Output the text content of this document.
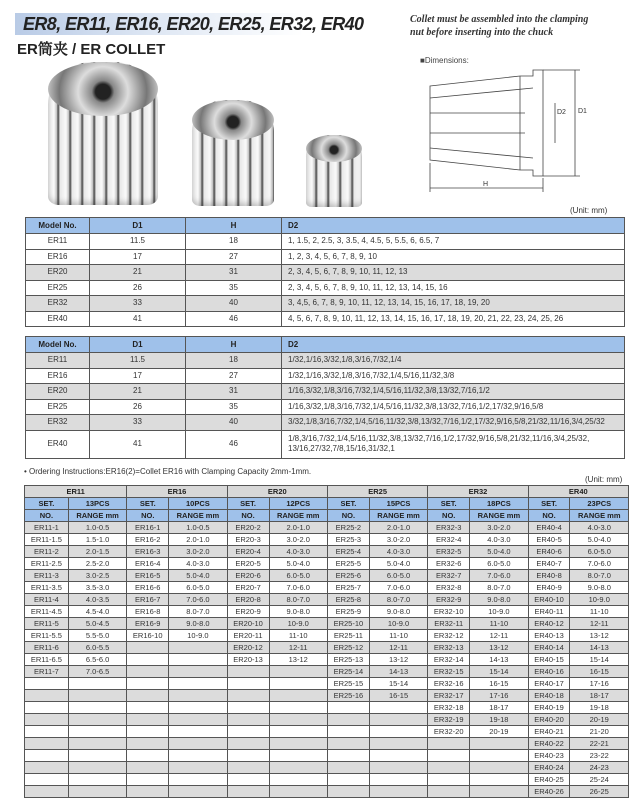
ER8, ER11, ER16, ER20, ER25, ER32, ER40
ER筒夹 / ER COLLET
Collet must be assembled into the clamping
nut before inserting into the chuck
■Dimensions:
D2 D1
H
(Unit: mm)
Model No.	D1	H	D2
ER11	11.5	18	1, 1.5, 2, 2.5, 3, 3.5, 4, 4.5, 5, 5.5, 6, 6.5, 7
ER16	17	27	1, 2, 3, 4, 5, 6, 7, 8, 9, 10
ER20	21	31	2, 3, 4, 5, 6, 7, 8, 9, 10, 11, 12, 13
ER25	26	35	2, 3, 4, 5, 6, 7, 8, 9, 10, 11, 12, 13, 14, 15, 16
ER32	33	40	3, 4,5, 6, 7, 8, 9, 10, 11, 12, 13, 14, 15, 16, 17, 18, 19, 20
ER40	41	46	4, 5, 6, 7, 8, 9, 10, 11, 12, 13, 14, 15, 16, 17, 18, 19, 20, 21, 22, 23, 24, 25, 26
Model No.	D1	H	D2
ER11	11.5	18	1/32,1/16,3/32,1/8,3/16,7/32,1/4
ER16	17	27	1/32,1/16,3/32,1/8,3/16,7/32,1/4,5/16,11/32,3/8
ER20	21	31	1/16,3/32,1/8,3/16,7/32,1/4,5/16,11/32,3/8,13/32,7/16,1/2
ER25	26	35	1/16,3/32,1/8,3/16,7/32,1/4,5/16,11/32,3/8,13/32,7/16,1/2,17/32,9/16,5/8
ER32	33	40	3/32,1/8,3/16,7/32,1/4,5/16,11/32,3/8,13/32,7/16,1/2,17/32,9/16,5/8,21/32,11/16,3/4,25/32
ER40	41	46	1/8,3/16,7/32,1/4,5/16,11/32,3/8,13/32,7/16,1/2,17/32,9/16,5/8,21/32,11/16,3/4,25/32, 13/16,27/32,7/8,15/16,31/32,1
• Ordering Instructions:ER16(2)=Collet ER16 with Clamping Capacity 2mm-1mm.
(Unit: mm)
ER11		ER16		ER20		ER25		ER32		ER40	
SET.	13PCS	SET.	10PCS	SET.	12PCS	SET.	15PCS	SET.	18PCS	SET.	23PCS
NO.	RANGE mm	NO.	RANGE mm	NO.	RANGE mm	NO.	RANGE mm	NO.	RANGE mm	NO.	RANGE mm
ER11-1	1.0-0.5	ER16-1	1.0-0.5	ER20-2	2.0-1.0	ER25-2	2.0-1.0	ER32-3	3.0-2.0	ER40-4	4.0-3.0
ER11-1.5	1.5-1.0	ER16-2	2.0-1.0	ER20-3	3.0-2.0	ER25-3	3.0-2.0	ER32-4	4.0-3.0	ER40-5	5.0-4.0
ER11-2	2.0-1.5	ER16-3	3.0-2.0	ER20-4	4.0-3.0	ER25-4	4.0-3.0	ER32-5	5.0-4.0	ER40-6	6.0-5.0
ER11-2.5	2.5-2.0	ER16-4	4.0-3.0	ER20-5	5.0-4.0	ER25-5	5.0-4.0	ER32-6	6.0-5.0	ER40-7	7.0-6.0
ER11-3	3.0-2.5	ER16-5	5.0-4.0	ER20-6	6.0-5.0	ER25-6	6.0-5.0	ER32-7	7.0-6.0	ER40-8	8.0-7.0
ER11-3.5	3.5-3.0	ER16-6	6.0-5.0	ER20-7	7.0-6.0	ER25-7	7.0-6.0	ER32-8	8.0-7.0	ER40-9	9.0-8.0
ER11-4	4.0-3.5	ER16-7	7.0-6.0	ER20-8	8.0-7.0	ER25-8	8.0-7.0	ER32-9	9.0-8.0	ER40-10	10-9.0
ER11-4.5	4.5-4.0	ER16-8	8.0-7.0	ER20-9	9.0-8.0	ER25-9	9.0-8.0	ER32-10	10-9.0	ER40-11	11-10
ER11-5	5.0-4.5	ER16-9	9.0-8.0	ER20-10	10-9.0	ER25-10	10-9.0	ER32-11	11-10	ER40-12	12-11
ER11-5.5	5.5-5.0	ER16-10	10-9.0	ER20-11	11-10	ER25-11	11-10	ER32-12	12-11	ER40-13	13-12
ER11-6	6.0-5.5			ER20-12	12-11	ER25-12	12-11	ER32-13	13-12	ER40-14	14-13
ER11-6.5	6.5-6.0			ER20-13	13-12	ER25-13	13-12	ER32-14	14-13	ER40-15	15-14
ER11-7	7.0-6.5					ER25-14	14-13	ER32-15	15-14	ER40-16	16-15
						ER25-15	15-14	ER32-16	16-15	ER40-17	17-16
						ER25-16	16-15	ER32-17	17-16	ER40-18	18-17
								ER32-18	18-17	ER40-19	19-18
								ER32-19	19-18	ER40-20	20-19
								ER32-20	20-19	ER40-21	21-20
										ER40-22	22-21
										ER40-23	23-22
										ER40-24	24-23
										ER40-25	25-24
										ER40-26	26-25
